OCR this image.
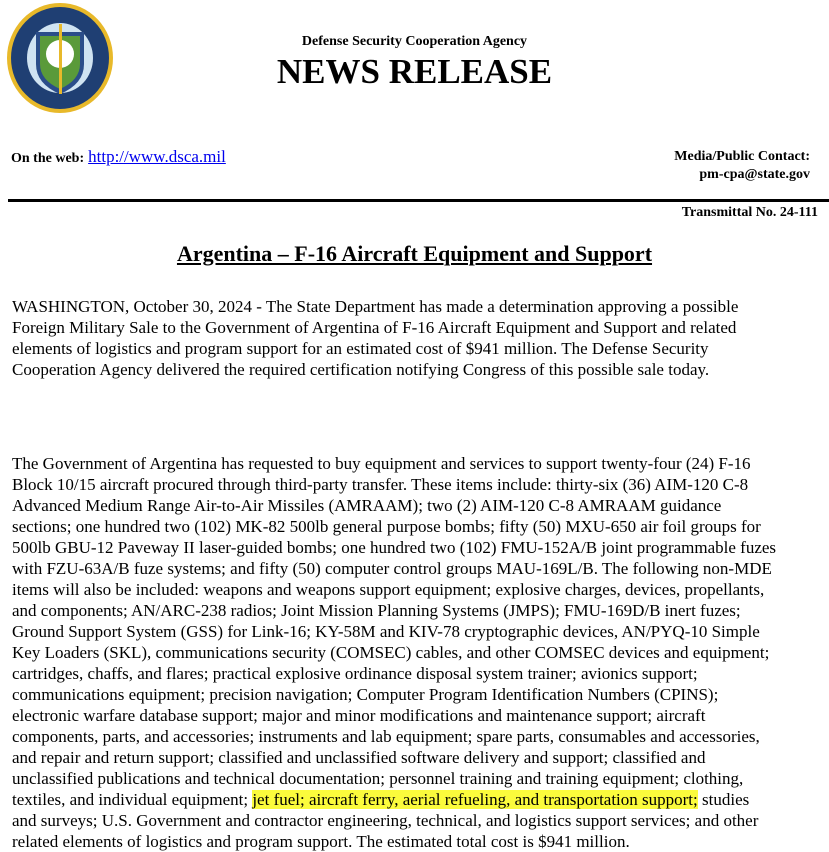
Defense Security Cooperation Agency
NEWS RELEASE
On the web: http://www.dsca.mil	Media/Public Contact:
pm-cpa@state.gov
Transmittal No. 24-111
Argentina – F-16 Aircraft Equipment and Support
WASHINGTON, October 30, 2024 - The State Department has made a determination approving a possible
Foreign Military Sale to the Government of Argentina of F-16 Aircraft Equipment and Support and related
elements of logistics and program support for an estimated cost of $941 million. The Defense Security
Cooperation Agency delivered the required certification notifying Congress of this possible sale today.
The Government of Argentina has requested to buy equipment and services to support twenty-four (24) F-16
Block 10/15 aircraft procured through third-party transfer. These items include: thirty-six (36) AIM-120 C-8
Advanced Medium Range Air-to-Air Missiles (AMRAAM); two (2) AIM-120 C-8 AMRAAM guidance
sections; one hundred two (102) MK-82 500lb general purpose bombs; fifty (50) MXU-650 air foil groups for
500lb GBU-12 Paveway II laser-guided bombs; one hundred two (102) FMU-152A/B joint programmable fuzes
with FZU-63A/B fuze systems; and fifty (50) computer control groups MAU-169L/B. The following non-MDE
items will also be included: weapons and weapons support equipment; explosive charges, devices, propellants,
and components; AN/ARC-238 radios; Joint Mission Planning Systems (JMPS); FMU-169D/B inert fuzes;
Ground Support System (GSS) for Link-16; KY-58M and KIV-78 cryptographic devices, AN/PYQ-10 Simple
Key Loaders (SKL), communications security (COMSEC) cables, and other COMSEC devices and equipment;
cartridges, chaffs, and flares; practical explosive ordinance disposal system trainer; avionics support;
communications equipment; precision navigation; Computer Program Identification Numbers (CPINS);
electronic warfare database support; major and minor modifications and maintenance support; aircraft
components, parts, and accessories; instruments and lab equipment; spare parts, consumables and accessories,
and repair and return support; classified and unclassified software delivery and support; classified and
unclassified publications and technical documentation; personnel training and training equipment; clothing,
textiles, and individual equipment; jet fuel; aircraft ferry, aerial refueling, and transportation support; studies
and surveys; U.S. Government and contractor engineering, technical, and logistics support services; and other
related elements of logistics and program support. The estimated total cost is $941 million.
